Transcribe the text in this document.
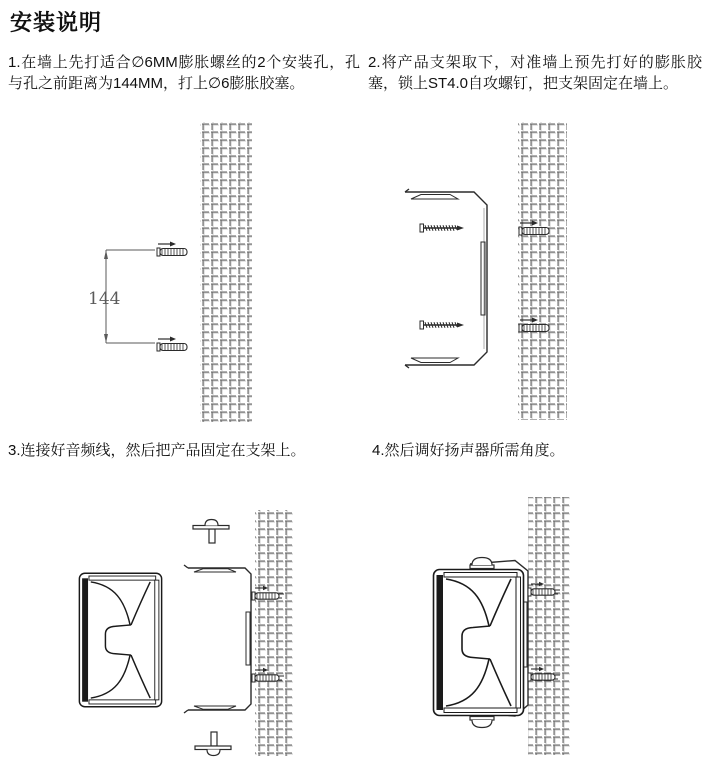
安装说明
1.在墙上先打适合∅6MM膨胀螺丝的2个安装孔，孔与孔之前距离为144MM，打上∅6膨胀胶塞。
2.将产品支架取下，对准墙上预先打好的膨胀胶塞，锁上ST4.0自攻螺钉，把支架固定在墙上。
3.连接好音频线，然后把产品固定在支架上。	4.然后调好扬声器所需角度。
144
